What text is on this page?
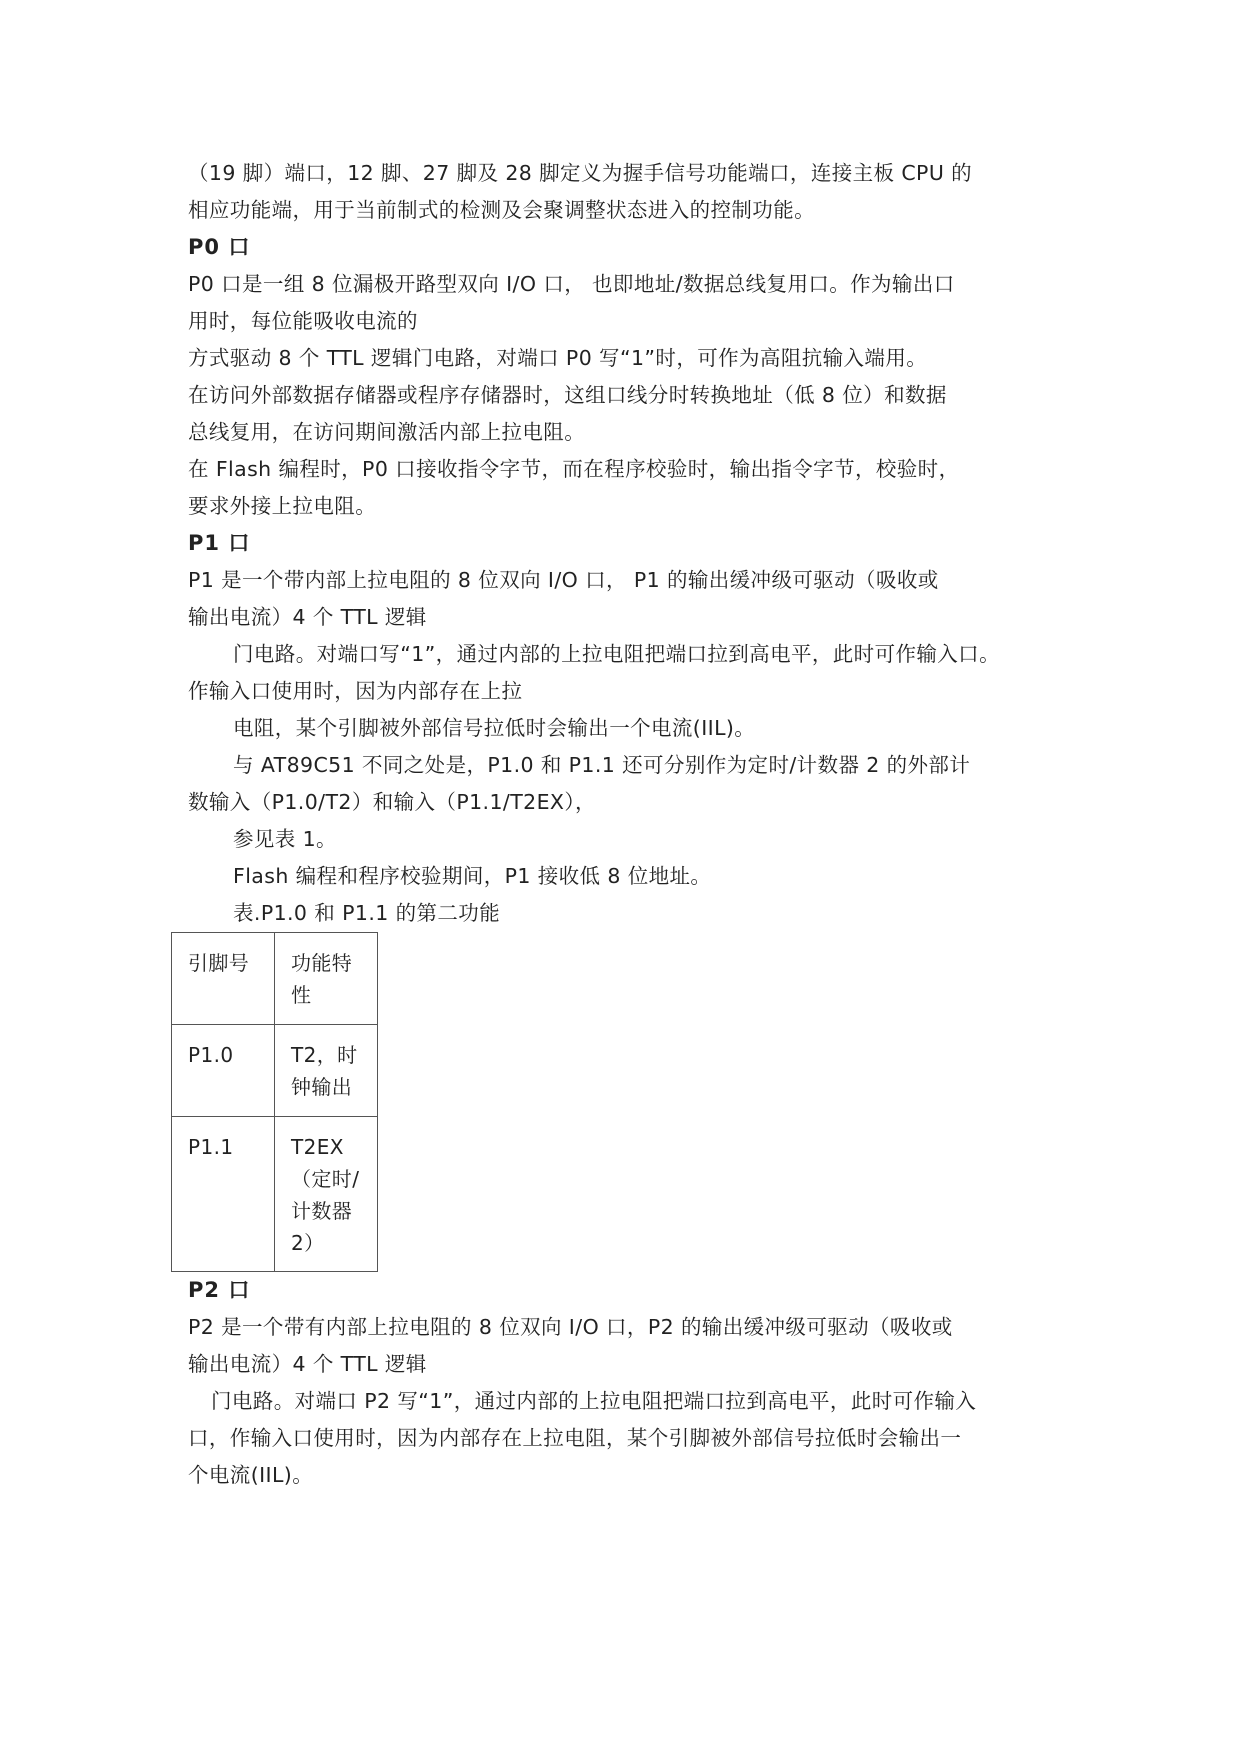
（19 脚）端口，12 脚、27 脚及 28 脚定义为握手信号功能端口，连接主板 CPU 的
相应功能端，用于当前制式的检测及会聚调整状态进入的控制功能。
P0 口
P0 口是一组 8 位漏极开路型双向 I/O 口， 也即地址/数据总线复用口。作为输出口
用时，每位能吸收电流的
方式驱动 8 个 TTL 逻辑门电路，对端口 P0 写“1”时，可作为高阻抗输入端用。
在访问外部数据存储器或程序存储器时，这组口线分时转换地址（低 8 位）和数据
总线复用，在访问期间激活内部上拉电阻。
在 Flash 编程时，P0 口接收指令字节，而在程序校验时，输出指令字节，校验时，
要求外接上拉电阻。
P1 口
P1 是一个带内部上拉电阻的 8 位双向 I/O 口， P1 的输出缓冲级可驱动（吸收或
输出电流）4 个 TTL 逻辑
门电路。对端口写“1”，通过内部的上拉电阻把端口拉到高电平，此时可作输入口。
作输入口使用时，因为内部存在上拉
电阻，某个引脚被外部信号拉低时会输出一个电流(IIL)。
与 AT89C51 不同之处是，P1.0 和 P1.1 还可分别作为定时/计数器 2 的外部计
数输入（P1.0/T2）和输入（P1.1/T2EX），
参见表 1。
Flash 编程和程序校验期间，P1 接收低 8 位地址。
表.P1.0 和 P1.1 的第二功能
引脚号	功能特
性

P1.0	T2，时
钟输出

P1.1	T2EX
（定时/
计数器
2）
P2 口
P2 是一个带有内部上拉电阻的 8 位双向 I/O 口，P2 的输出缓冲级可驱动（吸收或
输出电流）4 个 TTL 逻辑
门电路。对端口 P2 写“1”，通过内部的上拉电阻把端口拉到高电平，此时可作输入
口，作输入口使用时，因为内部存在上拉电阻，某个引脚被外部信号拉低时会输出一
个电流(IIL)。
